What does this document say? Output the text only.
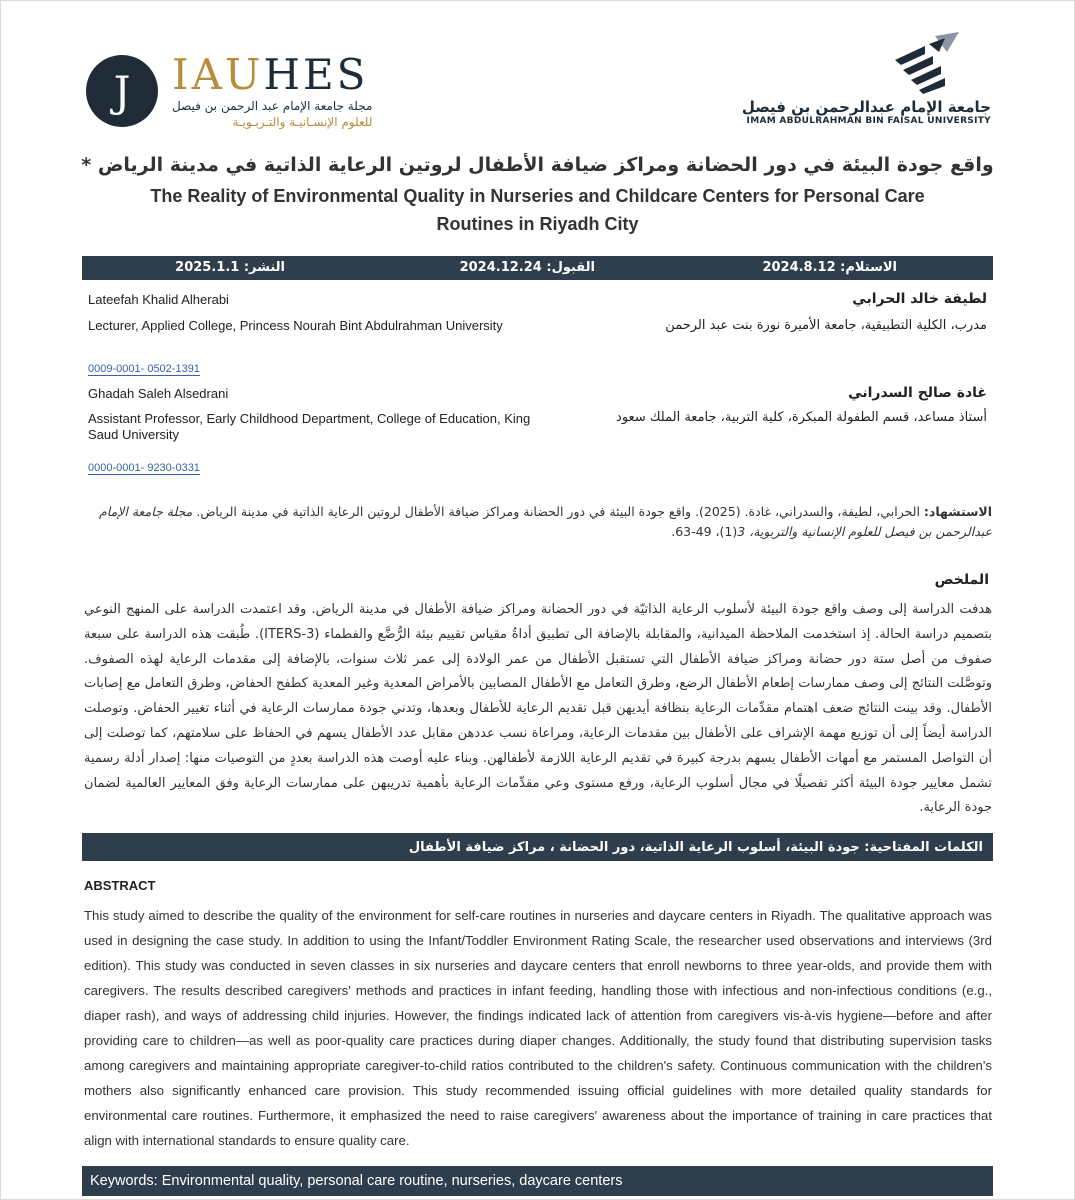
J IAUHES
مجلة جامعة الإمام عبد الرحمن بن فيصل
للعلوم الإنسـانيـة والتـربـويـة
جامعة الإمام عبدالرحمن بن فيصل
IMAM ABDULRAHMAN BIN FAISAL UNIVERSITY
واقع جودة البيئة في دور الحضانة ومراكز ضيافة الأطفال لروتين الرعاية الذاتية في مدينة الرياض *
The Reality of Environmental Quality in Nurseries and Childcare Centers for Personal Care Routines in Riyadh City
الاستلام: 2024.8.12
القبول: 2024.12.24
النشر: 2025.1.1
Lateefah Khalid Alherabi
Lecturer, Applied College, Princess Nourah Bint Abdulrahman University
لطيفة خالد الحرابي
مدرب، الكلية التطبيقية، جامعة الأميرة نورة بنت عبد الرحمن
0009-0001- 0502-1391
Ghadah Saleh Alsedrani
Assistant Professor, Early Childhood Department, College of Education, King Saud University
غادة صالح السدراني
أستاذ مساعد، قسم الطفولة المبكرة، كلية التربية، جامعة الملك سعود
0000-0001- 9230-0331
الاستشهاد: الحرابي، لطيفة، والسدراني، غادة. (2025). واقع جودة البيئة في دور الحضانة ومراكز ضيافة الأطفال لروتين الرعاية الذاتية في مدينة الرياض. مجلة جامعة الإمام عبدالرحمن بن فيصل للعلوم الإنسانية والتربوية، 3(1)، 49-63.
الملخص
هدفت الدراسة إلى وصف واقع جودة البيئة لأسلوب الرعاية الذاتيّة في دور الحضانة ومراكز ضيافة الأطفال في مدينة الرياض. وقد اعتمدت الدراسة على المنهج النوعي بتصميم دراسة الحالة. إذ استخدمت الملاحظة الميدانية، والمقابلة بالإضافة الى تطبيق أداةُ مقياس تقييم بيئة الرُّضَّع والفطماء (ITERS-3). طُبقت هذه الدراسة على سبعة صفوف من أصل ستة دور حضانة ومراكز ضيافة الأطفال التي تستقبل الأطفال من عمر الولادة إلى عمر ثلاث سنوات، بالإضافة إلى مقدمات الرعاية لهذه الصفوف. وتوصَّلت النتائج إلى وصف ممارسات إطعام الأطفال الرضع، وطرق التعامل مع الأطفال المصابين بالأمراض المعدية وغير المعدية كطفح الحفاض، وطرق التعامل مع إصابات الأطفال. وقد بينت النتائج ضعف اهتمام مقدِّمات الرعاية بنظافة أيديهن قبل تقديم الرعاية للأطفال وبعدها، وتدني جودة ممارسات الرعاية في أثناء تغيير الحفاض. وتوصلت الدراسة أيضاً إلى أن توزيع مهمة الإشراف على الأطفال بين مقدمات الرعاية، ومراعاة نسب عددهن مقابل عدد الأطفال يسهم في الحفاظ على سلامتهم، كما توصلت إلى أن التواصل المستمر مع أمهات الأطفال يسهم بدرجة كبيرة في تقديم الرعاية اللازمة لأطفالهن. وبناء عليه أوصت هذه الدراسة بعددٍ من التوصيات منها: إصدار أدلة رسمية تشمل معايير جودة البيئة أكثر تفصيلًا في مجال أسلوب الرعاية، ورفع مستوى وعي مقدِّمات الرعاية بأهمية تدريبهن على ممارسات الرعاية وفق المعايير العالمية لضمان جودة الرعاية.
الكلمات المفتاحية: جودة البيئة، أسلوب الرعاية الذاتية، دور الحضانة ، مراكز ضيافة الأطفال
ABSTRACT
This study aimed to describe the quality of the environment for self-care routines in nurseries and daycare centers in Riyadh. The qualitative approach was used in designing the case study. In addition to using the Infant/Toddler Environment Rating Scale, the researcher used observations and interviews (3rd edition). This study was conducted in seven classes in six nurseries and daycare centers that enroll newborns to three year-olds, and provide them with caregivers. The results described caregivers' methods and practices in infant feeding, handling those with infectious and non-infectious conditions (e.g., diaper rash), and ways of addressing child injuries. However, the findings indicated lack of attention from caregivers vis-à-vis hygiene—before and after providing care to children—as well as poor-quality care practices during diaper changes. Additionally, the study found that distributing supervision tasks among caregivers and maintaining appropriate caregiver-to-child ratios contributed to the children's safety. Continuous communication with the children's mothers also significantly enhanced care provision. This study recommended issuing official guidelines with more detailed quality standards for environmental care routines. Furthermore, it emphasized the need to raise caregivers' awareness about the importance of training in care practices that align with international standards to ensure quality care.
Keywords: Environmental quality, personal care routine, nurseries, daycare centers
